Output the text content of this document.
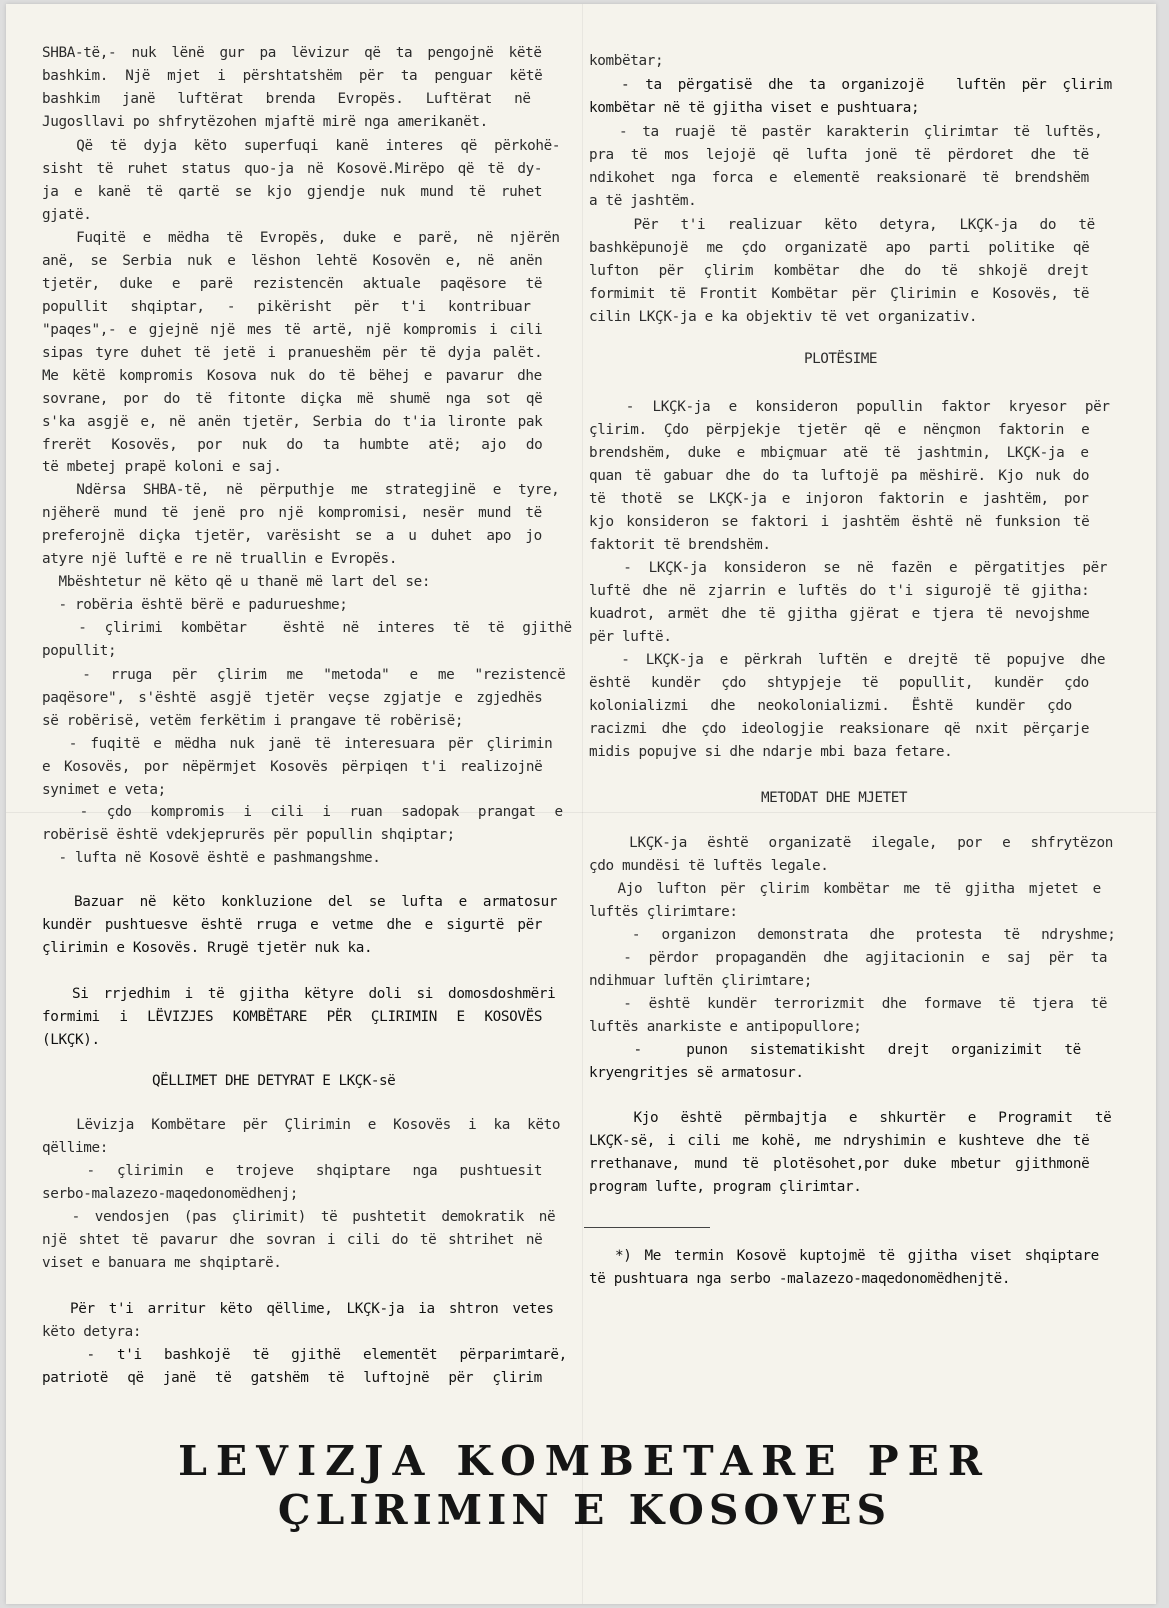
SHBA-të,- nuk lënë gur pa lëvizur që ta pengojnë këtë

bashkim. Një mjet i përshtatshëm për ta penguar këtë

bashkim janë luftërat brenda Evropës. Luftërat në

Jugosllavi po shfrytëzohen mjaftë mirë nga amerikanët.

Që të dyja këto superfuqi kanë interes që përkohë-

sisht të ruhet status quo-ja në Kosovë.Mirëpo që të dy-

ja e kanë të qartë se kjo gjendje nuk mund të ruhet

gjatë.

Fuqitë e mëdha të Evropës, duke e parë, në njërën

anë, se Serbia nuk e lëshon lehtë Kosovën e, në anën

tjetër, duke e parë rezistencën aktuale paqësore të

popullit shqiptar, - pikërisht për t'i kontribuar

"paqes",- e gjejnë një mes të artë, një kompromis i cili

sipas tyre duhet të jetë i pranueshëm për të dyja palët.

Me këtë kompromis Kosova nuk do të bëhej e pavarur dhe

sovrane, por do të fitonte diçka më shumë nga sot që

s'ka asgjë e, në anën tjetër, Serbia do t'ia lironte pak

frerët Kosovës, por nuk do ta humbte atë; ajo do

të mbetej prapë koloni e saj.

Ndërsa SHBA-të, në përputhje me strategjinë e tyre,

njëherë mund të jenë pro një kompromisi, nesër mund të

preferojnë diçka tjetër, varësisht se a u duhet apo jo

atyre një luftë e re në truallin e Evropës.

Mbështetur në këto që u thanë më lart del se:

- robëria është bërë e padurueshme;

- çlirimi kombëtar  është në interes të të gjithë

popullit;

- rruga për çlirim me "metoda" e me "rezistencë

paqësore", s'është asgjë tjetër veçse zgjatje e zgjedhës

së robërisë, vetëm ferkëtim i prangave të robërisë;

- fuqitë e mëdha nuk janë të interesuara për çlirimin

e Kosovës, por nëpërmjet Kosovës përpiqen t'i realizojnë

synimet e veta;

- çdo kompromis i cili i ruan sadopak prangat e

robërisë është vdekjeprurës për popullin shqiptar;

- lufta në Kosovë është e pashmangshme.

Bazuar në këto konkluzione del se lufta e armatosur

kundër pushtuesve është rruga e vetme dhe e sigurtë për

çlirimin e Kosovës. Rrugë tjetër nuk ka.

Si rrjedhim i të gjitha këtyre doli si domosdoshmëri

formimi i LËVIZJES KOMBËTARE PËR ÇLIRIMIN E KOSOVËS

(LKÇK).

QËLLIMET DHE DETYRAT E LKÇK-së

Lëvizja Kombëtare për Çlirimin e Kosovës i ka këto

qëllime:

- çlirimin e trojeve shqiptare nga pushtuesit

serbo-malazezo-maqedonomëdhenj;

- vendosjen (pas çlirimit) të pushtetit demokratik në

një shtet të pavarur dhe sovran i cili do të shtrihet në

viset e banuara me shqiptarë.

Për t'i arritur këto qëllime, LKÇK-ja ia shtron vetes

këto detyra:

- t'i bashkojë të gjithë elementët përparimtarë,

patriotë që janë të gatshëm të luftojnë për çlirim

kombëtar;

- ta përgatisë dhe ta organizojë  luftën për çlirim

kombëtar në të gjitha viset e pushtuara;

- ta ruajë të pastër karakterin çlirimtar të luftës,

pra të mos lejojë që lufta jonë të përdoret dhe të

ndikohet nga forca e elementë reaksionarë të brendshëm

a të jashtëm.

Për t'i realizuar këto detyra, LKÇK-ja do të

bashkëpunojë me çdo organizatë apo parti politike që

lufton për çlirim kombëtar dhe do të shkojë drejt

formimit të Frontit Kombëtar për Çlirimin e Kosovës, të

cilin LKÇK-ja e ka objektiv të vet organizativ.

PLOTËSIME

- LKÇK-ja e konsideron popullin faktor kryesor për

çlirim. Çdo përpjekje tjetër që e nënçmon faktorin e

brendshëm, duke e mbiçmuar atë të jashtmin, LKÇK-ja e

quan të gabuar dhe do ta luftojë pa mëshirë. Kjo nuk do

të thotë se LKÇK-ja e injoron faktorin e jashtëm, por

kjo konsideron se faktori i jashtëm është në funksion të

faktorit të brendshëm.

- LKÇK-ja konsideron se në fazën e përgatitjes për

luftë dhe në zjarrin e luftës do t'i sigurojë të gjitha:

kuadrot, armët dhe të gjitha gjërat e tjera të nevojshme

për luftë.

- LKÇK-ja e përkrah luftën e drejtë të popujve dhe

është kundër çdo shtypjeje të popullit, kundër çdo

kolonializmi dhe neokolonializmi. Është kundër çdo

racizmi dhe çdo ideologjie reaksionare që nxit përçarje

midis popujve si dhe ndarje mbi baza fetare.

METODAT DHE MJETET

LKÇK-ja është organizatë ilegale, por e shfrytëzon

çdo mundësi të luftës legale.

Ajo lufton për çlirim kombëtar me të gjitha mjetet e

luftës çlirimtare:

- organizon demonstrata dhe protesta të ndryshme;

- përdor propagandën dhe agjitacionin e saj për ta

ndihmuar luftën çlirimtare;

- është kundër terrorizmit dhe formave të tjera të

luftës anarkiste e antipopullore;

-  punon sistematikisht drejt organizimit të

kryengritjes së armatosur.

Kjo është përmbajtja e shkurtër e Programit të

LKÇK-së, i cili me kohë, me ndryshimin e kushteve dhe të

rrethanave, mund të plotësohet,por duke mbetur gjithmonë

program lufte, program çlirimtar.

*) Me termin Kosovë kuptojmë të gjitha viset shqiptare

të pushtuara nga serbo -malazezo-maqedonomëdhenjtë.

LEVIZJA KOMBETARE PER

ÇLIRIMIN E KOSOVES
